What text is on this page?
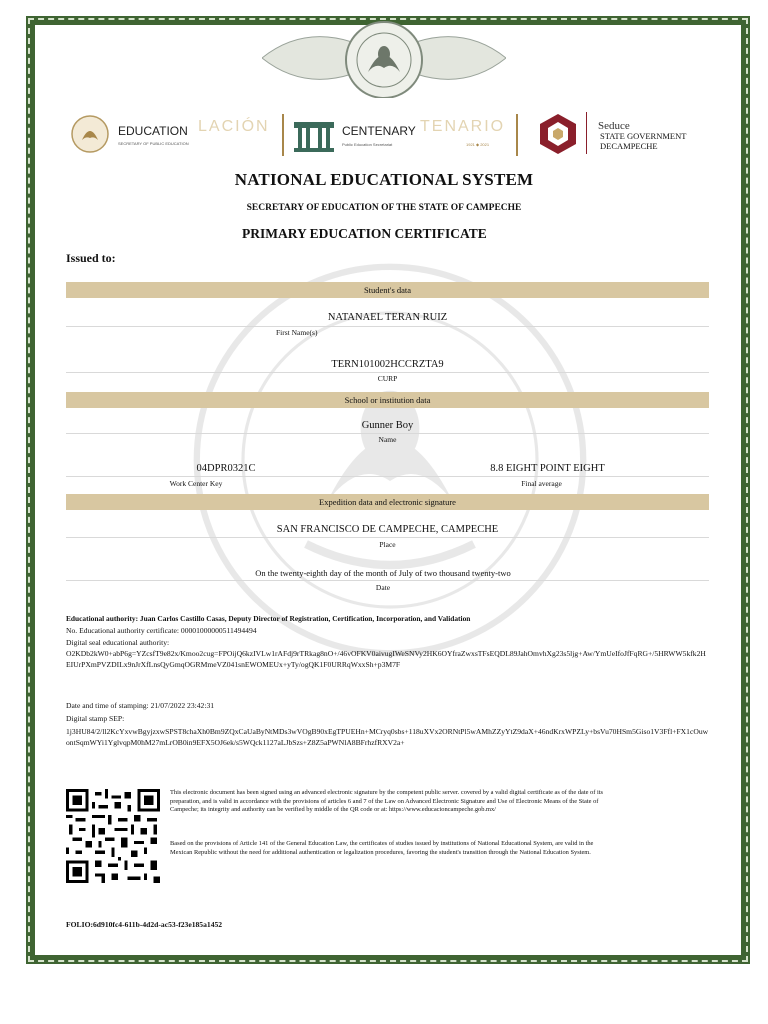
EDUCATION LACIÓN
SECRETARY OF PUBLIC EDUCATION
CENTENARY TENARIO
Public Education Secretariat	1921 ◆ 2021
Seduce
STATE GOVERNMENT
DECAMPECHE
NATIONAL EDUCATIONAL SYSTEM
SECRETARY OF EDUCATION OF THE STATE OF CAMPECHE
PRIMARY EDUCATION CERTIFICATE
Issued to:
Student's data
NATANAEL TERAN RUIZ
First Name(s)
TERN101002HCCRZTA9
CURP
School or institution data
Gunner Boy
Name
04DPR0321C	8.8 EIGHT POINT EIGHT
Work Center Key	Final average
Expedition data and electronic signature
SAN FRANCISCO DE CAMPECHE, CAMPECHE
Place
On the twenty-eighth day of the month of July of two thousand twenty-two
Date
Educational authority: Juan Carlos Castillo Casas, Deputy Director of Registration, Certification, Incorporation, and Validation
No. Educational authority certificate: 00001000000511494494
Digital seal educational authority:
O2KDb2kW0+abP6g=YZcsfT9e82x/Kmoo2cug=FPOijQ6kzIVLw1rAFdj9rTRkag8nO+/46vOFKV0aivugIWeSNVy2HK6OYfraZwxsTFsEQDL89JahOmvhXg23s5ljg+Aw/YmUeIfoJfFqRG+/5HRWW5kfk2HEIUrPXmPVZDILx9nJrXfLnsQyGmqOGRMmeVZ041snEWOMEUx+yTy/ogQK1F0URRqWxxSh+p3M7F
Date and time of stamping: 21/07/2022 23:42:31
Digital stamp SEP:
1j3HU84/2/ll2KcYxvwBgyjzxwSPST8chaXh0Bm9ZQxCaUaByNtMDs3wVOgB90xEgTPUEHn+MCryq0sbs+118uXVx2ORNtPl5wAMhZZyYtZ9daX+46ndKrxWPZLy+bsVu70HSm5Giso1V3Ffl+FX1cOuwontSqmWYi1YglvqpM0hM27mLrOB0in9EFX5OJ6ek/s5WQck1127aLJbSzs+Z8Z5aPWNlA8BFrhzfRXV2a+
This electronic document has been signed using an advanced electronic signature by the competent public server. covered by a valid digital certificate as of the date of its preparation, and is valid in accordance with the provisions of articles 6 and 7 of the Law on Advanced Electronic Signature and Use of Electronic Means of the State of Campeche; its integrity and authority can be verified by middle of the QR code or at: https://www.educacioncampeche.gob.mx/
Based on the provisions of Article 141 of the General Education Law, the certificates of studies issued by institutions of National Educational System, are valid in the Mexican Republic without the need for additional authentication or legalization procedures, favoring the student's transition through the National Education System.
FOLIO:6d910fc4-611b-4d2d-ac53-f23e185a1452
